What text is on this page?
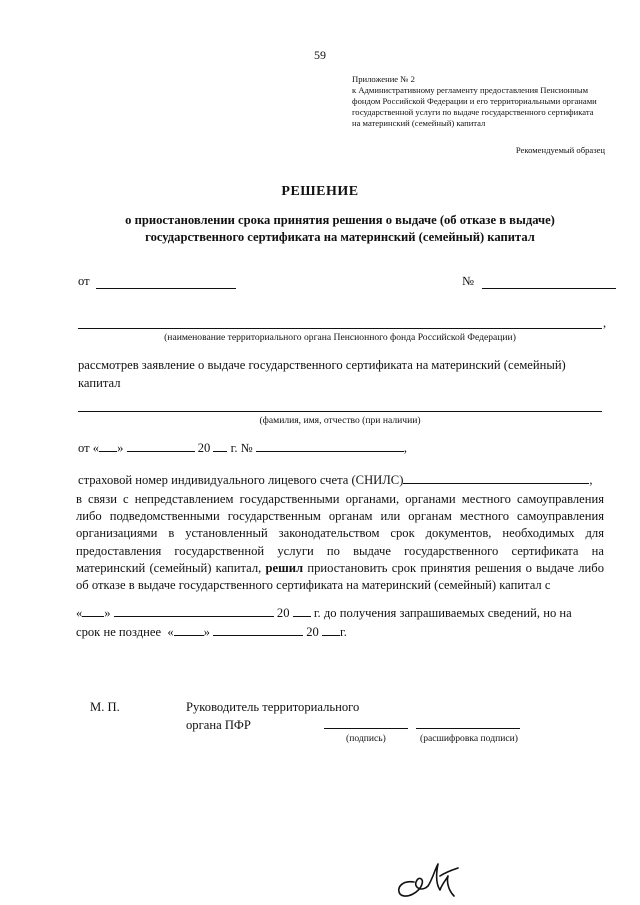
59
Приложение № 2
к Административному регламенту предоставления Пенсионным
фондом Российской Федерации и его территориальными органами
государственной услуги по выдаче государственного сертификата
на материнский (семейный) капитал
Рекомендуемый образец
РЕШЕНИЕ
о приостановлении срока принятия решения о выдаче (об отказе в выдаче)
государственного сертификата на материнский (семейный) капитал
от	№
,
(наименование территориального органа Пенсионного фонда Российской Федерации)
рассмотрев заявление о выдаче государственного сертификата на материнский (семейный)
капитал
(фамилия, имя, отчество (при наличии)
от « »	20 г. №	,
страховой номер индивидуального лицевого счета (СНИЛС)	,
в связи с непредставлением государственными органами, органами местного самоуправления либо подведомственными государственным органам или органам местного самоуправления организациями в установленный законодательством срок документов, необходимых для предоставления государственной услуги по выдаче государственного сертификата на материнский (семейный) капитал, решил приостановить срок принятия решения о выдаче либо об отказе в выдаче государственного сертификата на материнский (семейный) капитал с
« »	20 г. до получения запрашиваемых сведений, но на
срок не позднее « »	20 г.
М. П.	Руководитель территориального
органа ПФР
(подпись)	(расшифровка подписи)
